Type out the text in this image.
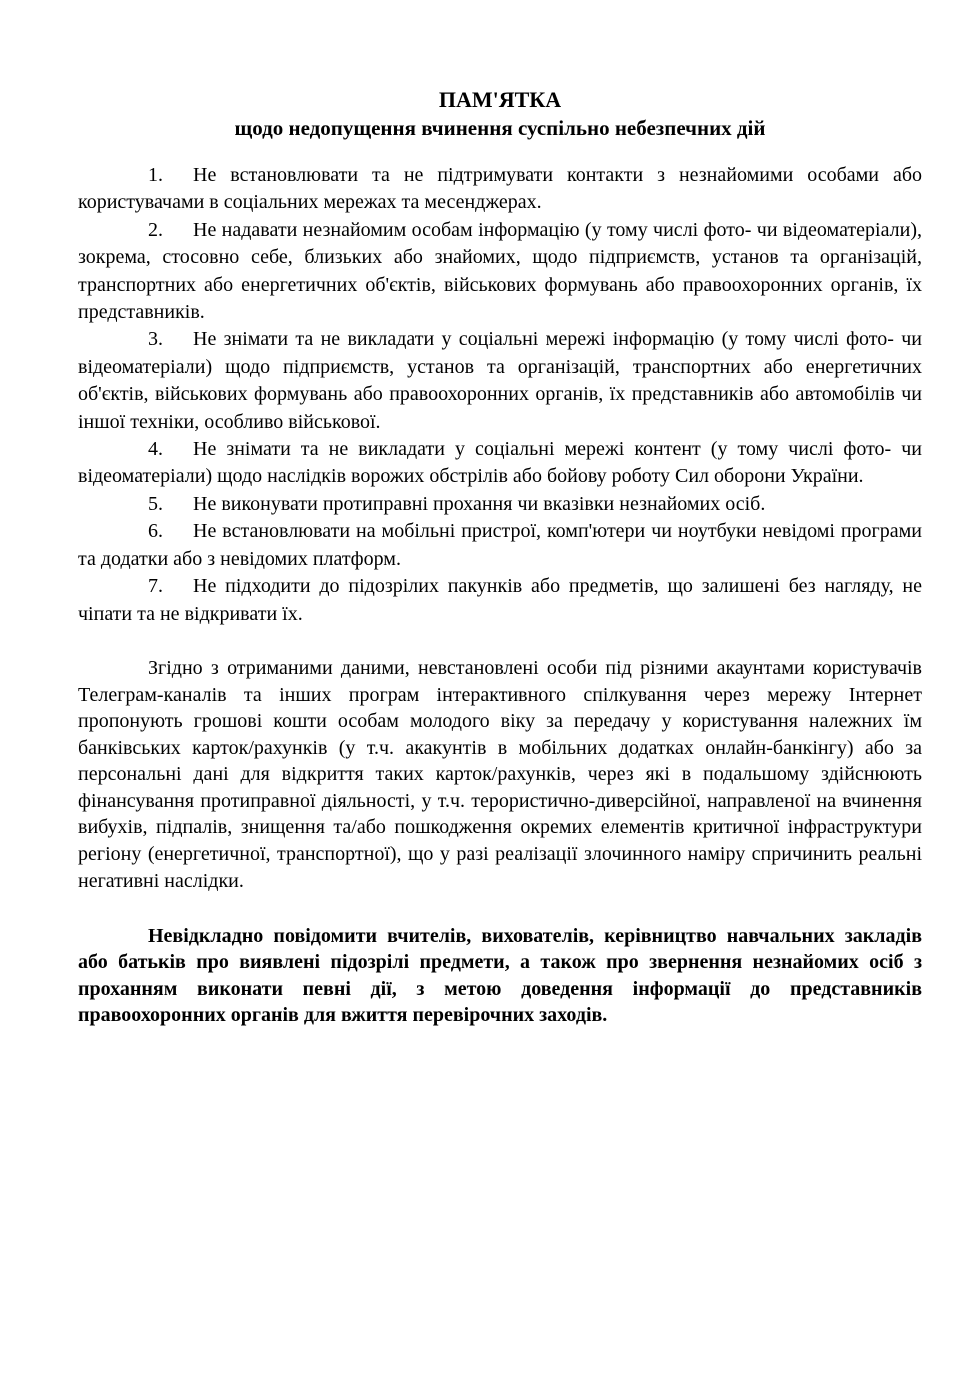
ПАМ'ЯТКА
щодо недопущення вчинення суспільно небезпечних дій

1. Не встановлювати та не підтримувати контакти з незнайомими особами або користувачами в соціальних мережах та месенджерах.

2. Не надавати незнайомим особам інформацію (у тому числі фото- чи відеоматеріали), зокрема, стосовно себе, близьких або знайомих, щодо підприємств, установ та організацій, транспортних або енергетичних об'єктів, військових формувань або правоохоронних органів, їх представників.

3. Не знімати та не викладати у соціальні мережі інформацію (у тому числі фото- чи відеоматеріали) щодо підприємств, установ та організацій, транспортних або енергетичних об'єктів, військових формувань або правоохоронних органів, їх представників або автомобілів чи іншої техніки, особливо військової.

4. Не знімати та не викладати у соціальні мережі контент (у тому числі фото- чи відеоматеріали) щодо наслідків ворожих обстрілів або бойову роботу Сил оборони України.

5. Не виконувати протиправні прохання чи вказівки незнайомих осіб.

6. Не встановлювати на мобільні пристрої, комп'ютери чи ноутбуки невідомі програми та додатки або з невідомих платформ.

7. Не підходити до підозрілих пакунків або предметів, що залишені без нагляду, не чіпати та не відкривати їх.

Згідно з отриманими даними, невстановлені особи під різними акаунтами користувачів Телеграм-каналів та інших програм інтерактивного спілкування через мережу Інтернет пропонують грошові кошти особам молодого віку за передачу у користування належних їм банківських карток/рахунків (у т.ч. акакунтів в мобільних додатках онлайн-банкінгу) або за персональні дані для відкриття таких карток/рахунків, через які в подальшому здійснюють фінансування протиправної діяльності, у т.ч. терористично-диверсійної, направленої на вчинення вибухів, підпалів, знищення та/або пошкодження окремих елементів критичної інфраструктури регіону (енергетичної, транспортної), що у разі реалізації злочинного наміру спричинить реальні негативні наслідки.

Невідкладно повідомити вчителів, вихователів, керівництво навчальних закладів або батьків про виявлені підозрілі предмети, а також про звернення незнайомих осіб з проханням виконати певні дії, з метою доведення інформації до представників правоохоронних органів для вжиття перевірочних заходів.
